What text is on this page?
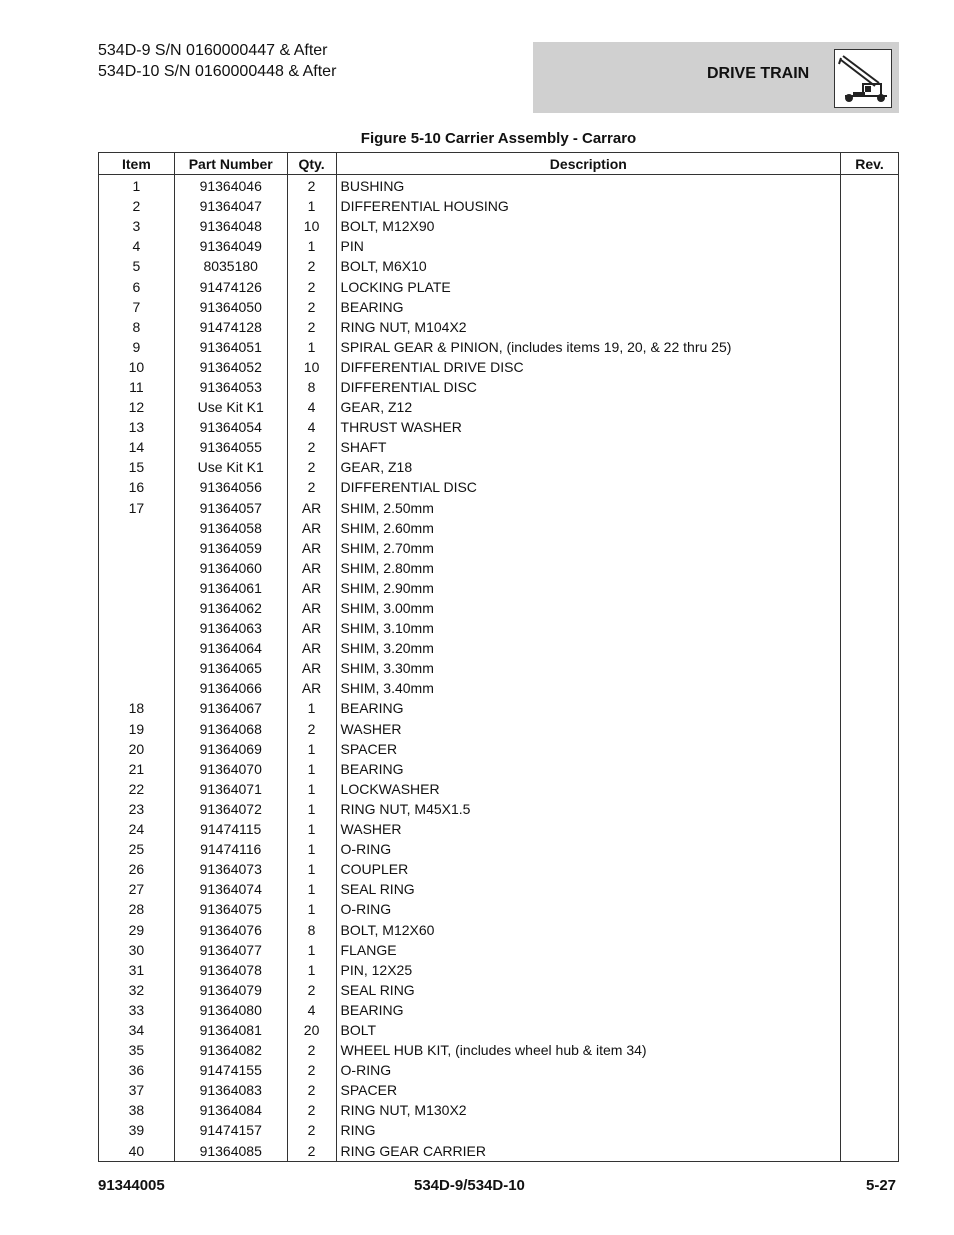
534D-9 S/N 0160000447 & After
534D-10 S/N 0160000448 & After	DRIVE TRAIN
Figure 5-10 Carrier Assembly - Carraro
Item	Part Number	Qty.	Description	Rev.
1	91364046	2	BUSHING	
2	91364047	1	DIFFERENTIAL HOUSING	
3	91364048	10	BOLT, M12X90	
4	91364049	1	PIN	
5	8035180	2	BOLT, M6X10	
6	91474126	2	LOCKING PLATE	
7	91364050	2	BEARING	
8	91474128	2	RING NUT, M104X2	
9	91364051	1	SPIRAL GEAR & PINION, (includes items 19, 20, & 22 thru 25)	
10	91364052	10	DIFFERENTIAL DRIVE DISC	
11	91364053	8	DIFFERENTIAL DISC	
12	Use Kit K1	4	GEAR, Z12	
13	91364054	4	THRUST WASHER	
14	91364055	2	SHAFT	
15	Use Kit K1	2	GEAR, Z18	
16	91364056	2	DIFFERENTIAL DISC	
17	91364057	AR	SHIM, 2.50mm	
	91364058	AR	SHIM, 2.60mm	
	91364059	AR	SHIM, 2.70mm	
	91364060	AR	SHIM, 2.80mm	
	91364061	AR	SHIM, 2.90mm	
	91364062	AR	SHIM, 3.00mm	
	91364063	AR	SHIM, 3.10mm	
	91364064	AR	SHIM, 3.20mm	
	91364065	AR	SHIM, 3.30mm	
	91364066	AR	SHIM, 3.40mm	
18	91364067	1	BEARING	
19	91364068	2	WASHER	
20	91364069	1	SPACER	
21	91364070	1	BEARING	
22	91364071	1	LOCKWASHER	
23	91364072	1	RING NUT, M45X1.5	
24	91474115	1	WASHER	
25	91474116	1	O-RING	
26	91364073	1	COUPLER	
27	91364074	1	SEAL RING	
28	91364075	1	O-RING	
29	91364076	8	BOLT, M12X60	
30	91364077	1	FLANGE	
31	91364078	1	PIN, 12X25	
32	91364079	2	SEAL RING	
33	91364080	4	BEARING	
34	91364081	20	BOLT	
35	91364082	2	WHEEL HUB KIT, (includes wheel hub & item 34)	
36	91474155	2	O-RING	
37	91364083	2	SPACER	
38	91364084	2	RING NUT, M130X2	
39	91474157	2	RING	
40	91364085	2	RING GEAR CARRIER	
91344005	534D-9/534D-10	5-27
